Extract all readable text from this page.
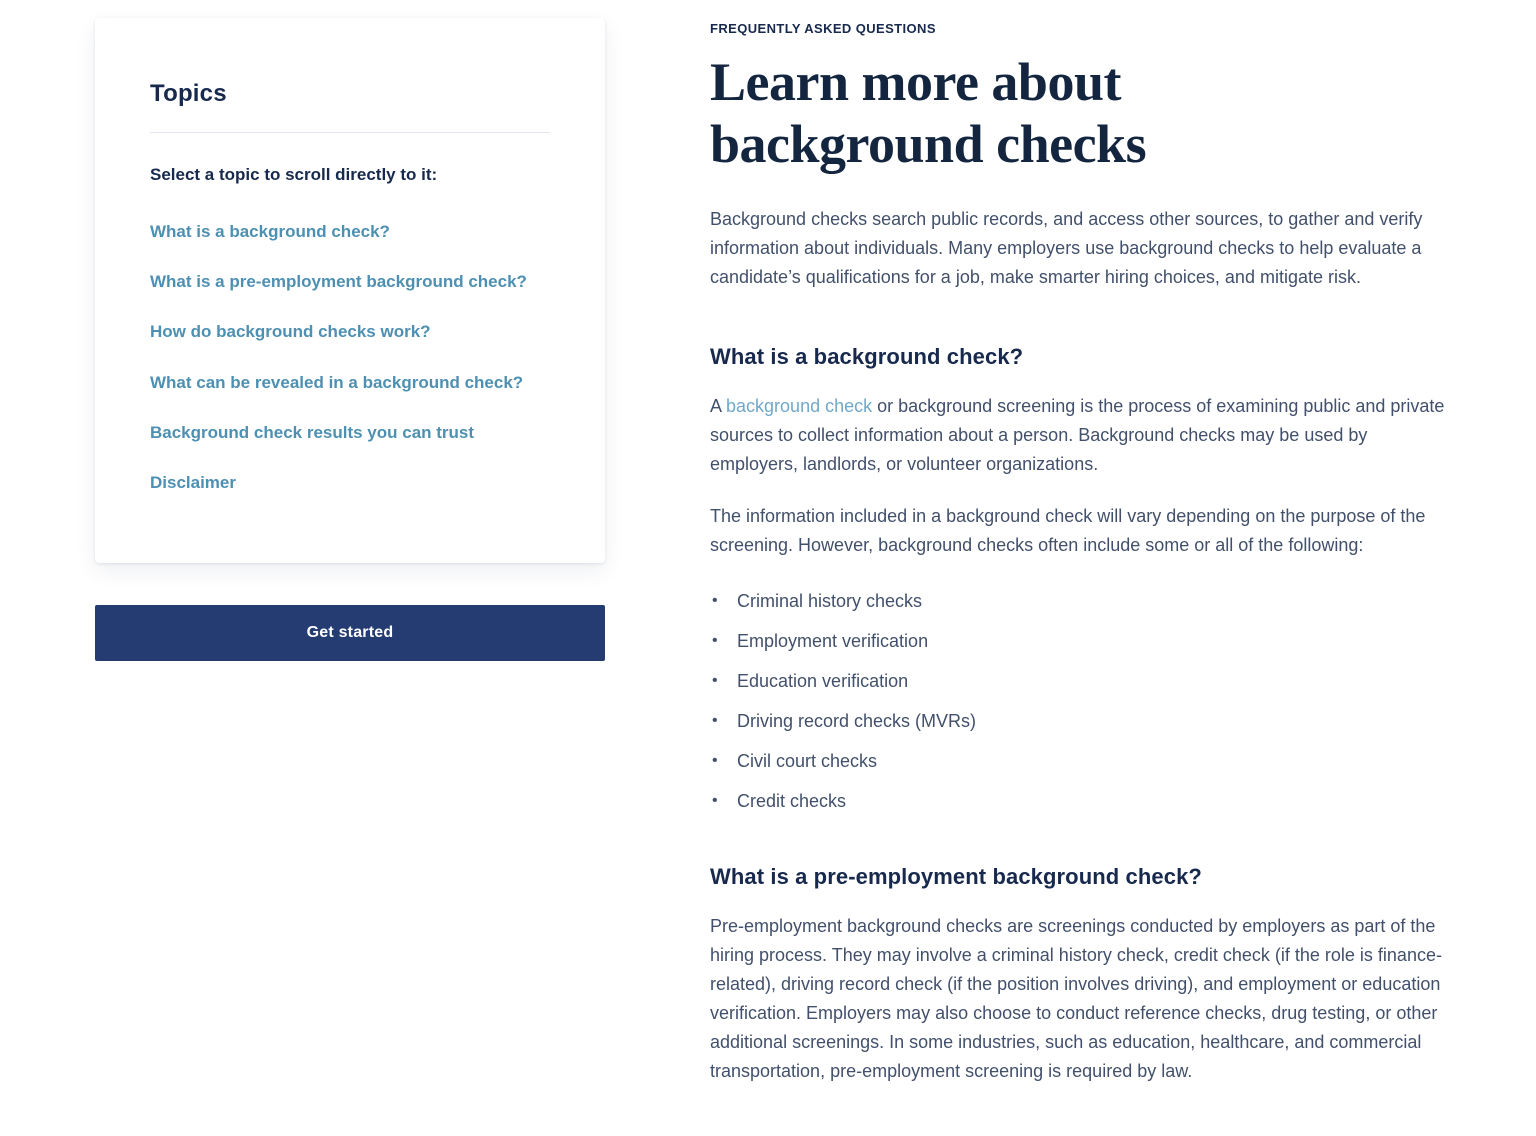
Topics

Select a topic to scroll directly to it:

What is a background check?
What is a pre-employment background check?
How do background checks work?
What can be revealed in a background check?
Background check results you can trust
Disclaimer
Get started
FREQUENTLY ASKED QUESTIONS
Learn more about background checks

Background checks search public records, and access other sources, to gather and verify information about individuals. Many employers use background checks to help evaluate a candidate’s qualifications for a job, make smarter hiring choices, and mitigate risk.

What is a background check?

A background check or background screening is the process of examining public and private sources to collect information about a person. Background checks may be used by employers, landlords, or volunteer organizations.

The information included in a background check will vary depending on the purpose of the screening. However, background checks often include some or all of the following:

• Criminal history checks
• Employment verification
• Education verification
• Driving record checks (MVRs)
• Civil court checks
• Credit checks
What is a pre-employment background check?

Pre-employment background checks are screenings conducted by employers as part of the hiring process. They may involve a criminal history check, credit check (if the role is finance-related), driving record check (if the position involves driving), and employment or education verification. Employers may also choose to conduct reference checks, drug testing, or other additional screenings. In some industries, such as education, healthcare, and commercial transportation, pre-employment screening is required by law.
